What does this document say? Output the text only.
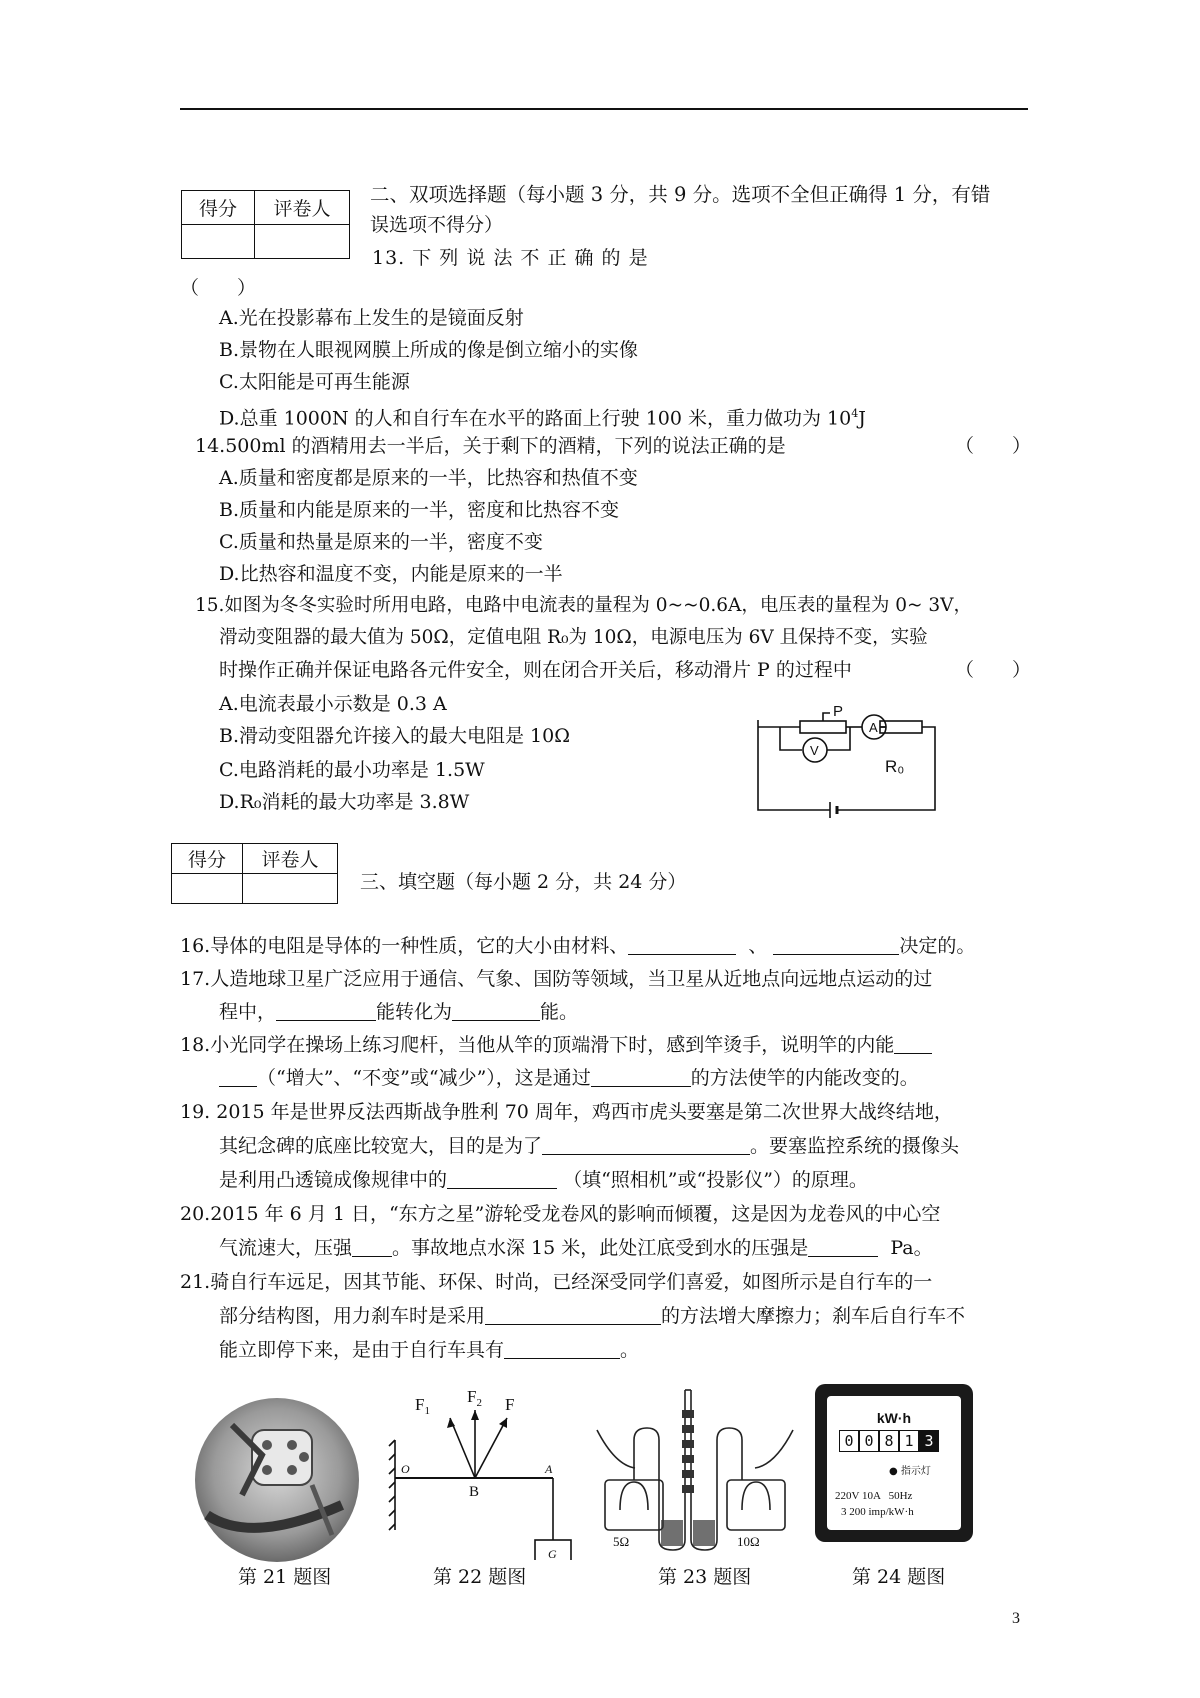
得分	评卷人

二、双项选择题（每小题 3 分，共 9 分。选项不全但正确得 1 分，有错
误选项不得分）
13. 下 列 说 法 不 正 确 的 是
（　　）
A.光在投影幕布上发生的是镜面反射
B.景物在人眼视网膜上所成的像是倒立缩小的实像
C.太阳能是可再生能源
D.总重 1000N 的人和自行车在水平的路面上行驶 100 米，重力做功为 $10^4J$
14.500ml 的酒精用去一半后，关于剩下的酒精，下列的说法正确的是	（　　）
A.质量和密度都是原来的一半，比热容和热值不变
B.质量和内能是原来的一半，密度和比热容不变
C.质量和热量是原来的一半，密度不变
D.比热容和温度不变，内能是原来的一半
15.如图为冬冬实验时所用电路，电路中电流表的量程为 0~~0.6A，电压表的量程为 0~ 3V，
滑动变阻器的最大值为 50Ω，定值电阻 R₀为 10Ω，电源电压为 6V 且保持不变，实验
时操作正确并保证电路各元件安全，则在闭合开关后，移动滑片 P 的过程中	（　　）
A.电流表最小示数是 0.3 A
B.滑动变阻器允许接入的最大电阻是 10Ω
C.电路消耗的最小功率是 1.5W
D.R₀消耗的最大功率是 3.8W
P
A
V
R₀
得分	评卷人

三、填空题（每小题 2 分，共 24 分）
16.导体的电阻是导体的一种性质，它的大小由材料、	、	决定的。
17.人造地球卫星广泛应用于通信、气象、国防等领域，当卫星从近地点向远地点运动的过
程中，	能转化为	能。
18.小光同学在操场上练习爬杆，当他从竿的顶端滑下时，感到竿烫手，说明竿的内能
（“增大”、“不变”或“减少”），这是通过	的方法使竿的内能改变的。
19. 2015 年是世界反法西斯战争胜利 70 周年，鸡西市虎头要塞是第二次世界大战终结地，
其纪念碑的底座比较宽大，目的是为了	。要塞监控系统的摄像头
是利用凸透镜成像规律中的	（填“照相机”或“投影仪”）的原理。
20.2015 年 6 月 1 日，“东方之星”游轮受龙卷风的影响而倾覆，这是因为龙卷风的中心空
气流速大，压强 。事故地点水深 15 米，此处江底受到水的压强是	Pa。
21.骑自行车远足，因其节能、环保、时尚，已经深受同学们喜爱，如图所示是自行车的一
部分结构图，用力刹车时是采用	的方法增大摩擦力；刹车后自行车不
能立即停下来，是由于自行车具有	。
$F_1$
$F_2$ F
O	A
B
G
5Ω	10Ω
kW·h
0 0 8 1 3
● 指示灯
220V 10A   50Hz
3 200 imp/kW·h
第 21 题图	第 22 题图	第 23 题图	第 24 题图
3
